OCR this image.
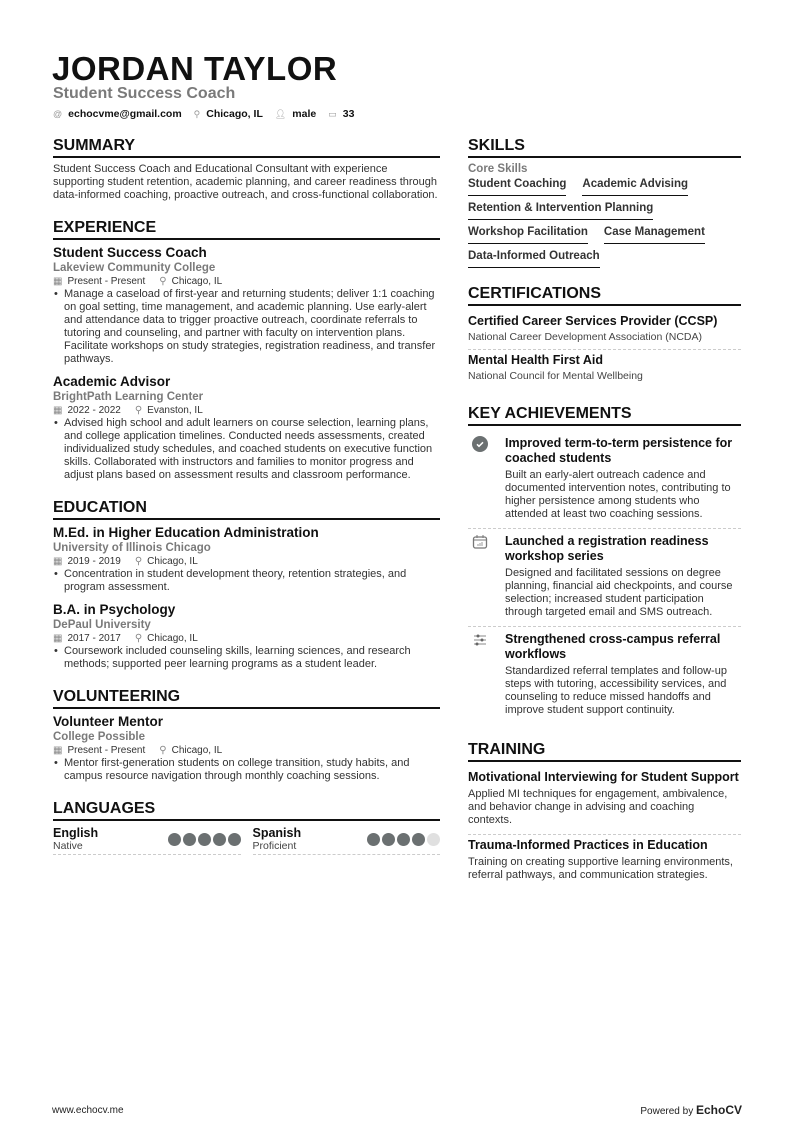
JORDAN TAYLOR
Student Success Coach
@ echocvme@gmail.com ⚲ Chicago, IL 👤︎ male ▭ 33
SUMMARY

Student Success Coach and Educational Consultant with experience supporting student retention, academic planning, and career readiness through data-informed coaching, proactive outreach, and cross-functional collaboration.

EXPERIENCE
Student Success Coach
Lakeview Community College
▦ Present - Present ⚲ Chicago, IL
• Manage a caseload of first-year and returning students; deliver 1:1 coaching on goal setting, time management, and academic planning. Use early-alert and attendance data to trigger proactive outreach, coordinate referrals to tutoring and counseling, and partner with faculty on intervention plans. Facilitate workshops on study strategies, registration readiness, and transfer pathways.
Academic Advisor
BrightPath Learning Center
▦ 2022 - 2022 ⚲ Evanston, IL
• Advised high school and adult learners on course selection, learning plans, and college application timelines. Conducted needs assessments, created individualized study schedules, and coached students on executive function skills. Collaborated with instructors and families to monitor progress and adjust plans based on assessment results and classroom performance.
EDUCATION
M.Ed. in Higher Education Administration
University of Illinois Chicago
▦ 2019 - 2019 ⚲ Chicago, IL
• Concentration in student development theory, retention strategies, and program assessment.
B.A. in Psychology
DePaul University
▦ 2017 - 2017 ⚲ Chicago, IL
• Coursework included counseling skills, learning sciences, and research methods; supported peer learning programs as a student leader.
VOLUNTEERING
Volunteer Mentor
College Possible
▦ Present - Present ⚲ Chicago, IL
• Mentor first-generation students on college transition, study habits, and campus resource navigation through monthly coaching sessions.
LANGUAGES
English
Native
Spanish
Proficient
SKILLS
Core Skills
Student Coaching Academic Advising
Retention & Intervention Planning
Workshop Facilitation Case Management
Data-Informed Outreach
CERTIFICATIONS
Certified Career Services Provider (CCSP)
National Career Development Association (NCDA)
Mental Health First Aid
National Council for Mental Wellbeing
KEY ACHIEVEMENTS
Improved term-to-term persistence for coached students

Built an early-alert outreach cadence and documented intervention notes, contributing to higher persistence among students who attended at least two coaching sessions.

Launched a registration readiness workshop series

Designed and facilitated sessions on degree planning, financial aid checkpoints, and course selection; increased student participation through targeted email and SMS outreach.

Strengthened cross-campus referral workflows

Standardized referral templates and follow-up steps with tutoring, accessibility services, and counseling to reduce missed handoffs and improve student support continuity.

TRAINING
Motivational Interviewing for Student Support

Applied MI techniques for engagement, ambivalence, and behavior change in advising and coaching contexts.

Trauma-Informed Practices in Education

Training on creating supportive learning environments, referral pathways, and communication strategies.

www.echocv.me	Powered by EchoCV
